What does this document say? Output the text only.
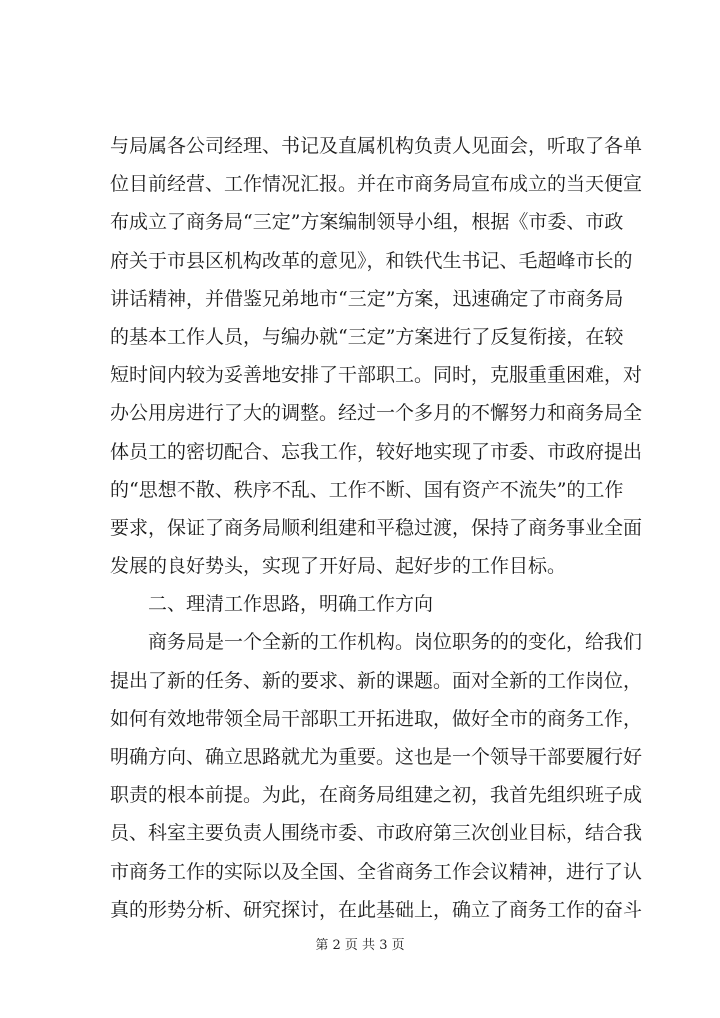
与局属各公司经理、书记及直属机构负责人见面会，听取了各单
位目前经营、工作情况汇报。并在市商务局宣布成立的当天便宣
布成立了商务局“三定”方案编制领导小组，根据《市委、市政
府关于市县区机构改革的意见》，和铁代生书记、毛超峰市长的
讲话精神，并借鉴兄弟地市“三定”方案，迅速确定了市商务局
的基本工作人员，与编办就“三定”方案进行了反复衔接，在较
短时间内较为妥善地安排了干部职工。同时，克服重重困难，对
办公用房进行了大的调整。经过一个多月的不懈努力和商务局全
体员工的密切配合、忘我工作，较好地实现了市委、市政府提出
的“思想不散、秩序不乱、工作不断、国有资产不流失”的工作
要求，保证了商务局顺利组建和平稳过渡，保持了商务事业全面
发展的良好势头，实现了开好局、起好步的工作目标。
二、理清工作思路，明确工作方向
商务局是一个全新的工作机构。岗位职务的的变化，给我们
提出了新的任务、新的要求、新的课题。面对全新的工作岗位，
如何有效地带领全局干部职工开拓进取，做好全市的商务工作，
明确方向、确立思路就尤为重要。这也是一个领导干部要履行好
职责的根本前提。为此，在商务局组建之初，我首先组织班子成
员、科室主要负责人围绕市委、市政府第三次创业目标，结合我
市商务工作的实际以及全国、全省商务工作会议精神，进行了认
真的形势分析、研究探讨，在此基础上，确立了商务工作的奋斗
第 2 页 共 3 页
